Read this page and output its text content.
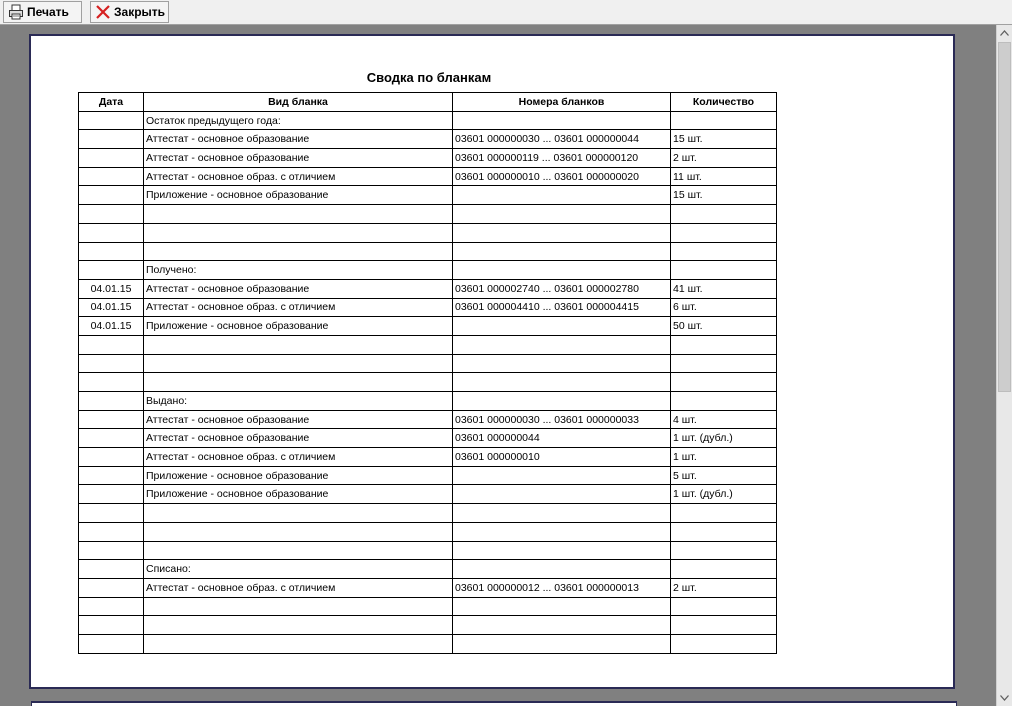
Печать	Закрыть
Сводка по бланкам
Дата	Вид бланка	Номера бланков	Количество
	Остаток предыдущего года:		
	Аттестат - основное образование	03601 000000030 ... 03601 000000044	15 шт.
	Аттестат - основное образование	03601 000000119 ... 03601 000000120	2 шт.
	Аттестат - основное образ. с отличием	03601 000000010 ... 03601 000000020	11 шт.
	Приложение - основное образование		15 шт.

	Получено:		
04.01.15	Аттестат - основное образование	03601 000002740 ... 03601 000002780	41 шт.
04.01.15	Аттестат - основное образ. с отличием	03601 000004410 ... 03601 000004415	6 шт.
04.01.15	Приложение - основное образование		50 шт.

	Выдано:		
	Аттестат - основное образование	03601 000000030 ... 03601 000000033	4 шт.
	Аттестат - основное образование	03601 000000044	1 шт. (дубл.)
	Аттестат - основное образ. с отличием	03601 000000010	1 шт.
	Приложение - основное образование		5 шт.
	Приложение - основное образование		1 шт. (дубл.)

	Списано:		
	Аттестат - основное образ. с отличием	03601 000000012 ... 03601 000000013	2 шт.
